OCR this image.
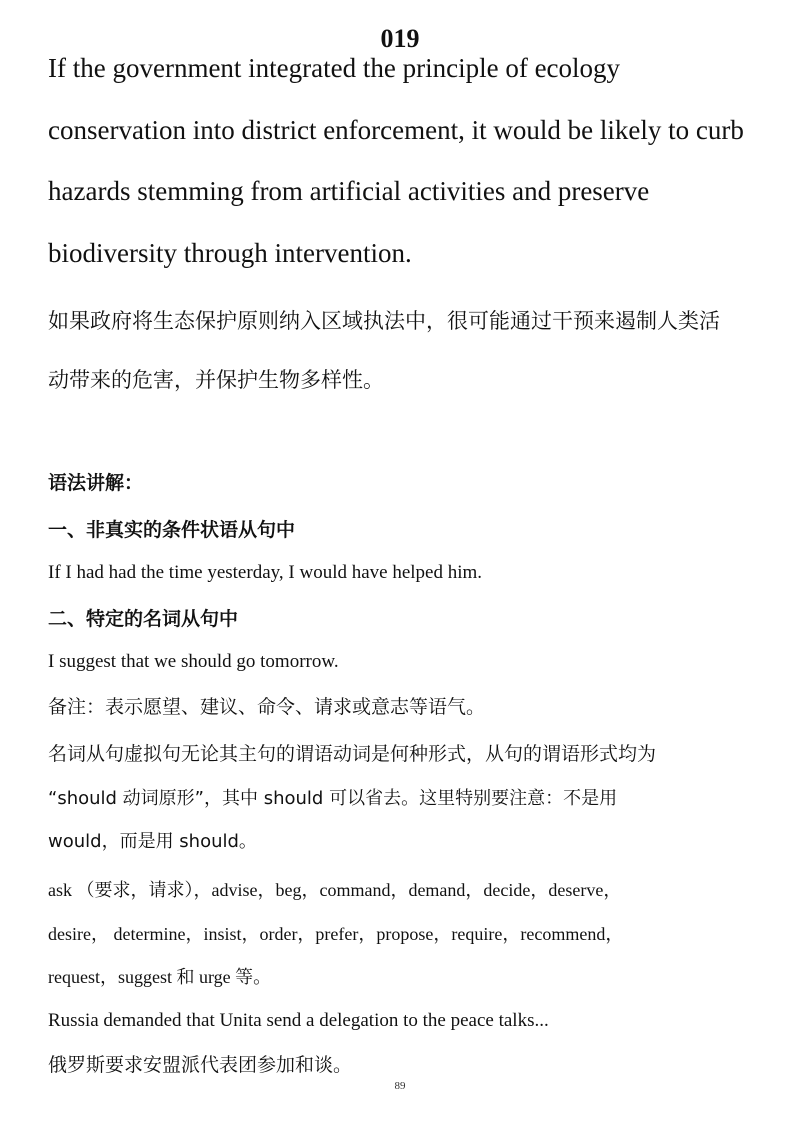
019
If the government integrated the principle of ecology
conservation into district enforcement, it would be likely to curb
hazards stemming from artificial activities and preserve
biodiversity through intervention.
如果政府将生态保护原则纳入区域执法中，很可能通过干预来遏制人类活
动带来的危害，并保护生物多样性。
语法讲解：
一、非真实的条件状语从句中
If I had had the time yesterday, I would have helped him.
二、特定的名词从句中
I suggest that we should go tomorrow.
备注：表示愿望、建议、命令、请求或意志等语气。
名词从句虚拟句无论其主句的谓语动词是何种形式，从句的谓语形式均为
“should 动词原形”，其中 should 可以省去。这里特别要注意：不是用
would，而是用 should。
ask （要求，请求），advise，beg，command，demand，decide，deserve，
desire， determine，insist，order，prefer，propose，require，recommend，
request，suggest 和 urge 等。
Russia demanded that Unita send a delegation to the peace talks...
俄罗斯要求安盟派代表团参加和谈。
89
